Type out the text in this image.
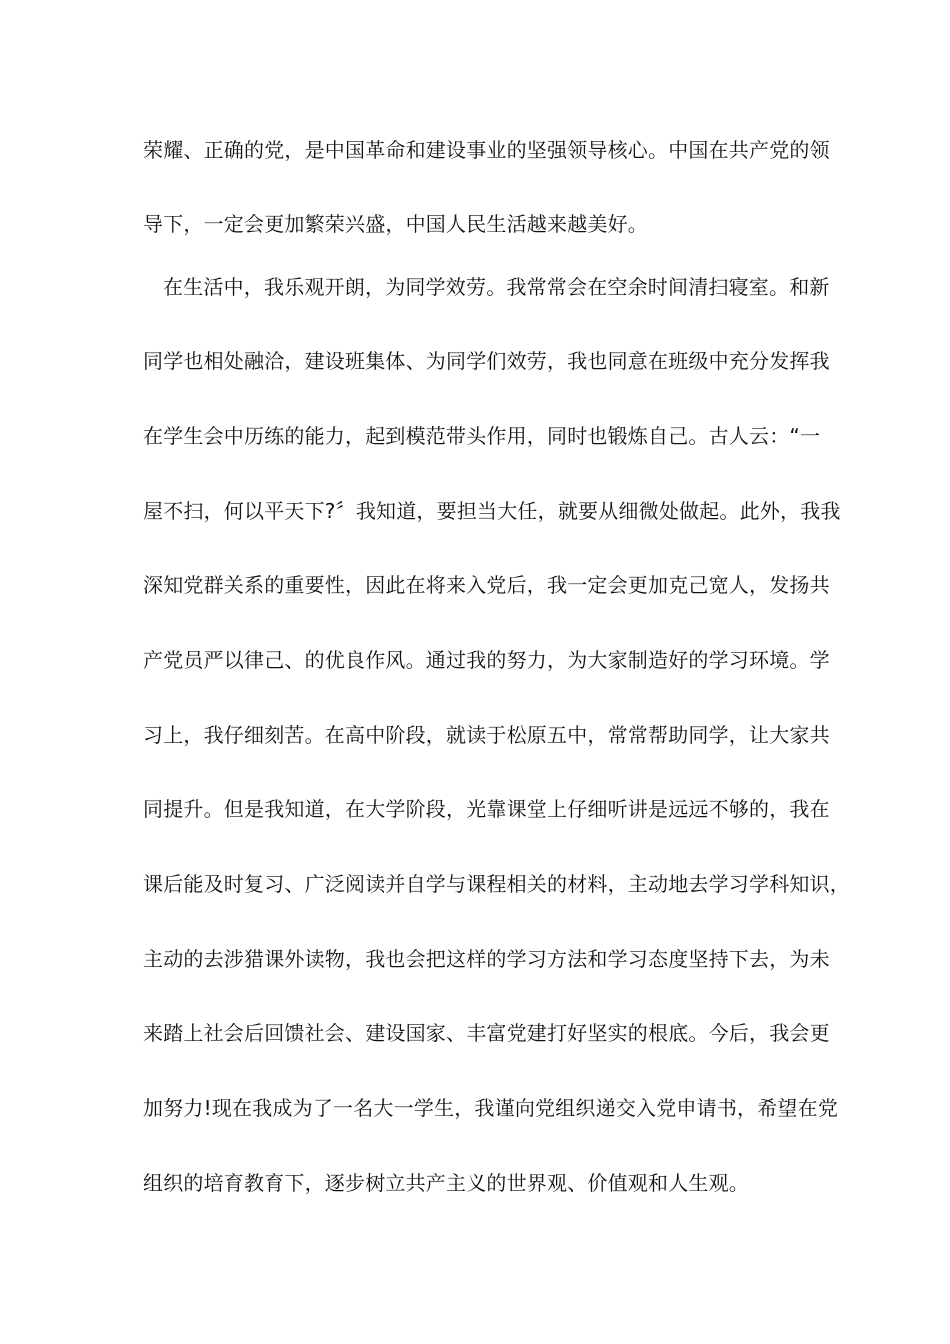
荣耀、正确的党，是中国革命和建设事业的坚强领导核心。中国在共产党的领
导下，一定会更加繁荣兴盛，中国人民生活越来越美好。
在生活中，我乐观开朗，为同学效劳。我常常会在空余时间清扫寝室。和新
同学也相处融洽，建设班集体、为同学们效劳，我也同意在班级中充分发挥我
在学生会中历练的能力，起到模范带头作用，同时也锻炼自己。古人云：“一
屋不扫，何以平天下?〞我知道，要担当大任，就要从细微处做起。此外，我我
深知党群关系的重要性，因此在将来入党后，我一定会更加克己宽人，发扬共
产党员严以律己、的优良作风。通过我的努力，为大家制造好的学习环境。学
习上，我仔细刻苦。在高中阶段，就读于松原五中，常常帮助同学，让大家共
同提升。但是我知道，在大学阶段，光靠课堂上仔细听讲是远远不够的，我在
课后能及时复习、广泛阅读并自学与课程相关的材料，主动地去学习学科知识，
主动的去涉猎课外读物，我也会把这样的学习方法和学习态度坚持下去，为未
来踏上社会后回馈社会、建设国家、丰富党建打好坚实的根底。今后，我会更
加努力!现在我成为了一名大一学生，我谨向党组织递交入党申请书，希望在党
组织的培育教育下，逐步树立共产主义的世界观、价值观和人生观。
